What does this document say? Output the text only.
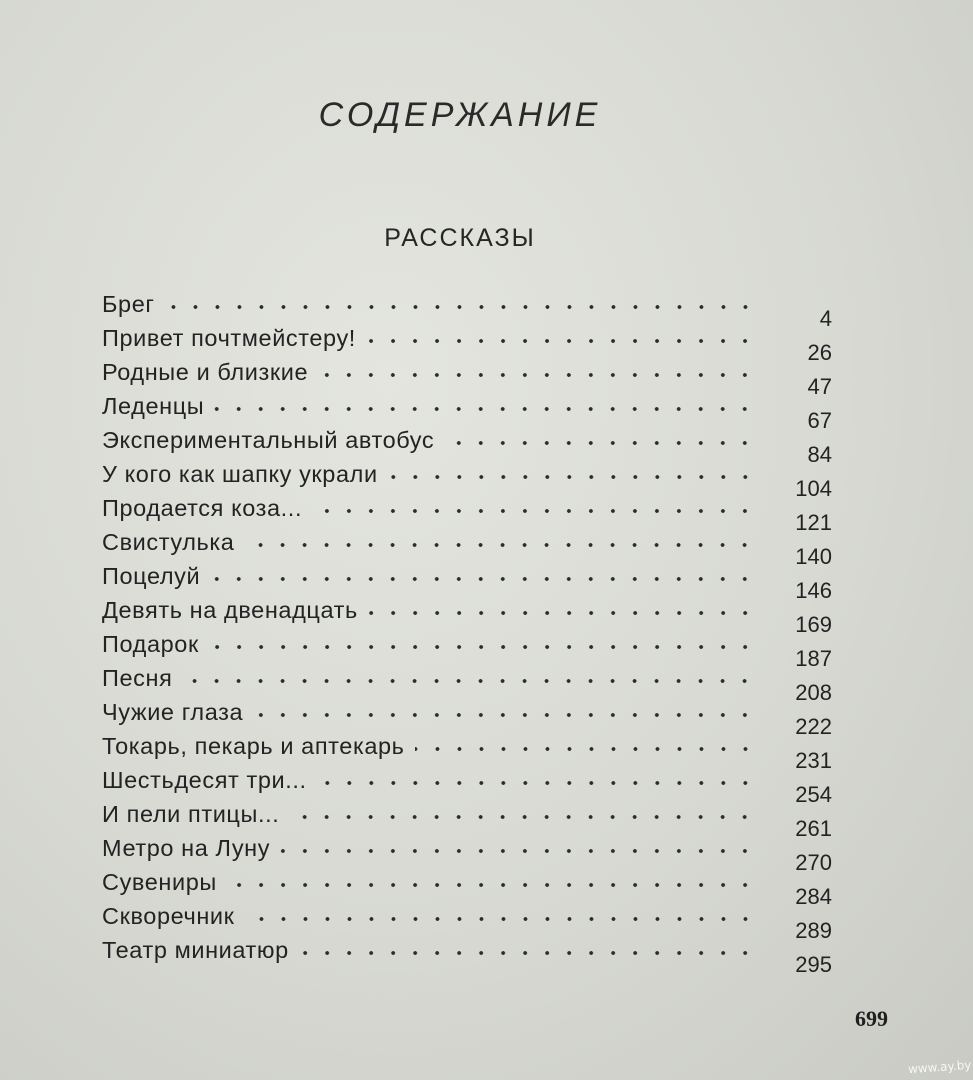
СОДЕРЖАНИЕ
РАССКАЗЫ
Брег
4
Привет почтмейстеру!
26
Родные и близкие
47
Леденцы
67
Экспериментальный автобус
84
У кого как шапку украли
104
Продается коза...
121
Свистулька
140
Поцелуй
146
Девять на двенадцать
169
Подарок
187
Песня
208
Чужие глаза
222
Токарь, пекарь и аптекарь
231
Шестьдесят три...
254
И пели птицы...
261
Метро на Луну
270
Сувениры
284
Скворечник
289
Театр миниатюр
295
699
www.ay.by
